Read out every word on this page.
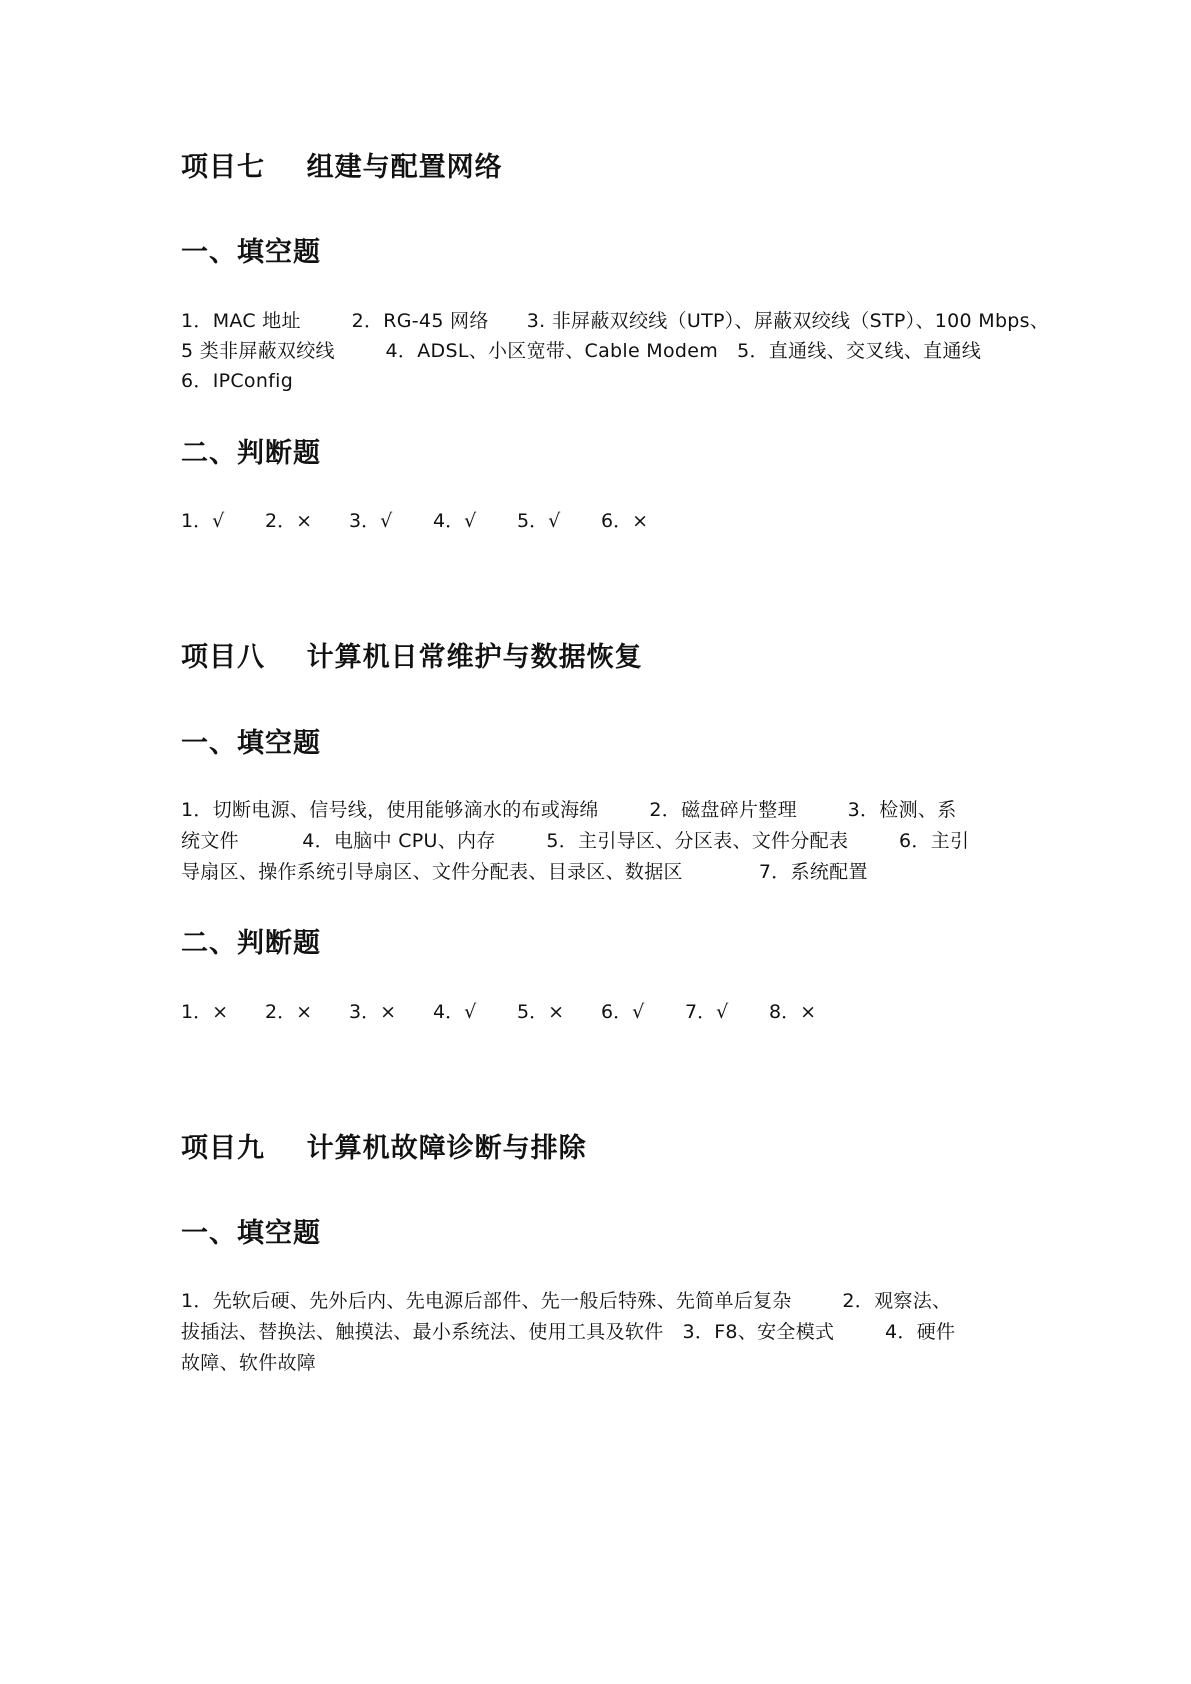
项目七    组建与配置网络
一、填空题
1．MAC 地址        2．RG-45 网络      3. 非屏蔽双绞线（UTP）、屏蔽双绞线（STP）、100 Mbps、
5 类非屏蔽双绞线        4．ADSL、小区宽带、Cable Modem   5．直通线、交叉线、直通线
6．IPConfig
二、判断题
1．√ 2．× 3．√ 4．√ 5．√ 6．×
项目八    计算机日常维护与数据恢复
一、填空题
1．切断电源、信号线，使用能够滴水的布或海绵        2．磁盘碎片整理        3．检测、系
统文件          4．电脑中 CPU、内存        5．主引导区、分区表、文件分配表        6．主引
导扇区、操作系统引导扇区、文件分配表、目录区、数据区            7．系统配置
二、判断题
1．× 2．× 3．× 4．√ 5．× 6．√ 7．√ 8．×
项目九    计算机故障诊断与排除
一、填空题
1．先软后硬、先外后内、先电源后部件、先一般后特殊、先简单后复杂        2．观察法、
拔插法、替换法、触摸法、最小系统法、使用工具及软件   3．F8、安全模式        4．硬件
故障、软件故障
